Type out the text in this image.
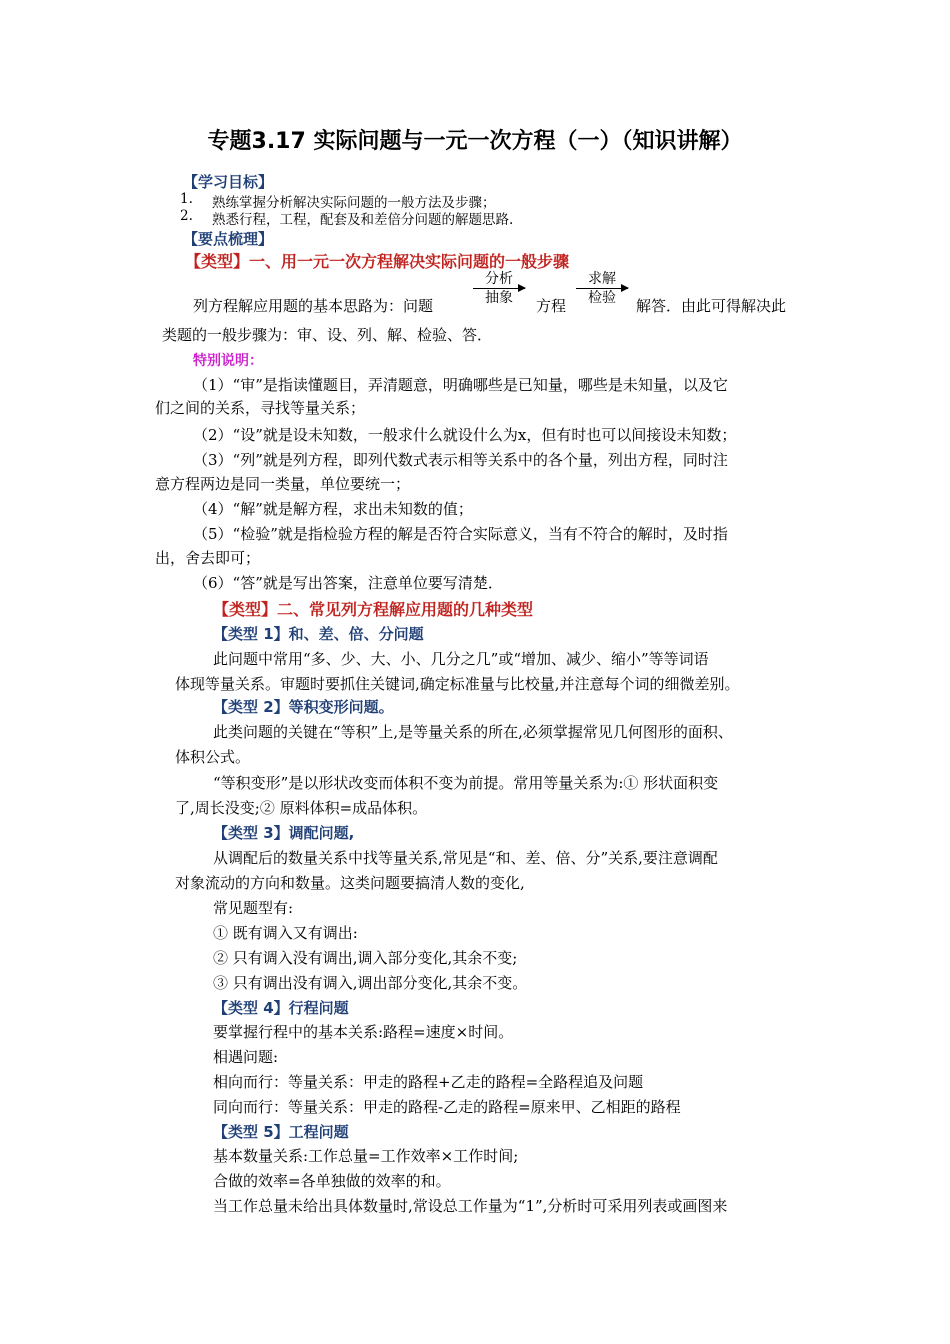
专题3.17 实际问题与一元一次方程（一）（知识讲解）
【学习目标】
1. 熟练掌握分析解决实际问题的一般方法及步骤；
2. 熟悉行程，工程，配套及和差倍分问题的解题思路.
【要点梳理】
【类型】一、用一元一次方程解决实际问题的一般步骤
列方程解应用题的基本思路为：问题
分析
抽象	方程
求解
检验	解答．由此可得解决此
类题的一般步骤为：审、设、列、解、检验、答．
特别说明：
（1）“审”是指读懂题目，弄清题意，明确哪些是已知量，哪些是未知量，以及它
们之间的关系，寻找等量关系；
（2）“设”就是设未知数，一般求什么就设什么为x，但有时也可以间接设未知数；
（3）“列”就是列方程，即列代数式表示相等关系中的各个量，列出方程，同时注
意方程两边是同一类量，单位要统一；
（4）“解”就是解方程，求出未知数的值；
（5）“检验”就是指检验方程的解是否符合实际意义，当有不符合的解时，及时指
出，舍去即可；
（6）“答”就是写出答案，注意单位要写清楚．
【类型】二、常见列方程解应用题的几种类型
【类型 1】和、差、倍、分问题
此问题中常用“多、少、大、小、几分之几”或“增加、减少、缩小”等等词语
体现等量关系。审题时要抓住关键词,确定标准量与比校量,并注意每个词的细微差别。
【类型 2】等积变形问题。
此类问题的关键在“等积”上,是等量关系的所在,必须掌握常见几何图形的面积、
体积公式。
“等积变形”是以形状改变而体积不变为前提。常用等量关系为:① 形状面积变
了,周长没变;② 原料体积=成品体积。
【类型 3】调配问题,
从调配后的数量关系中找等量关系,常见是“和、差、倍、分”关系,要注意调配
对象流动的方向和数量。这类问题要搞清人数的变化,
常见题型有:
① 既有调入又有调出:
② 只有调入没有调出,调入部分变化,其余不变;
③ 只有调出没有调入,调出部分变化,其余不变。
【类型 4】行程问题
要掌握行程中的基本关系:路程=速度×时间。
相遇问题:
相向而行：等量关系：甲走的路程+乙走的路程=全路程追及问题
同向而行：等量关系：甲走的路程-乙走的路程=原来甲、乙相距的路程
【类型 5】工程问题
基本数量关系:工作总量=工作效率×工作时间;
合做的效率=各单独做的效率的和。
当工作总量未给出具体数量时,常设总工作量为“1”,分析时可采用列表或画图来
